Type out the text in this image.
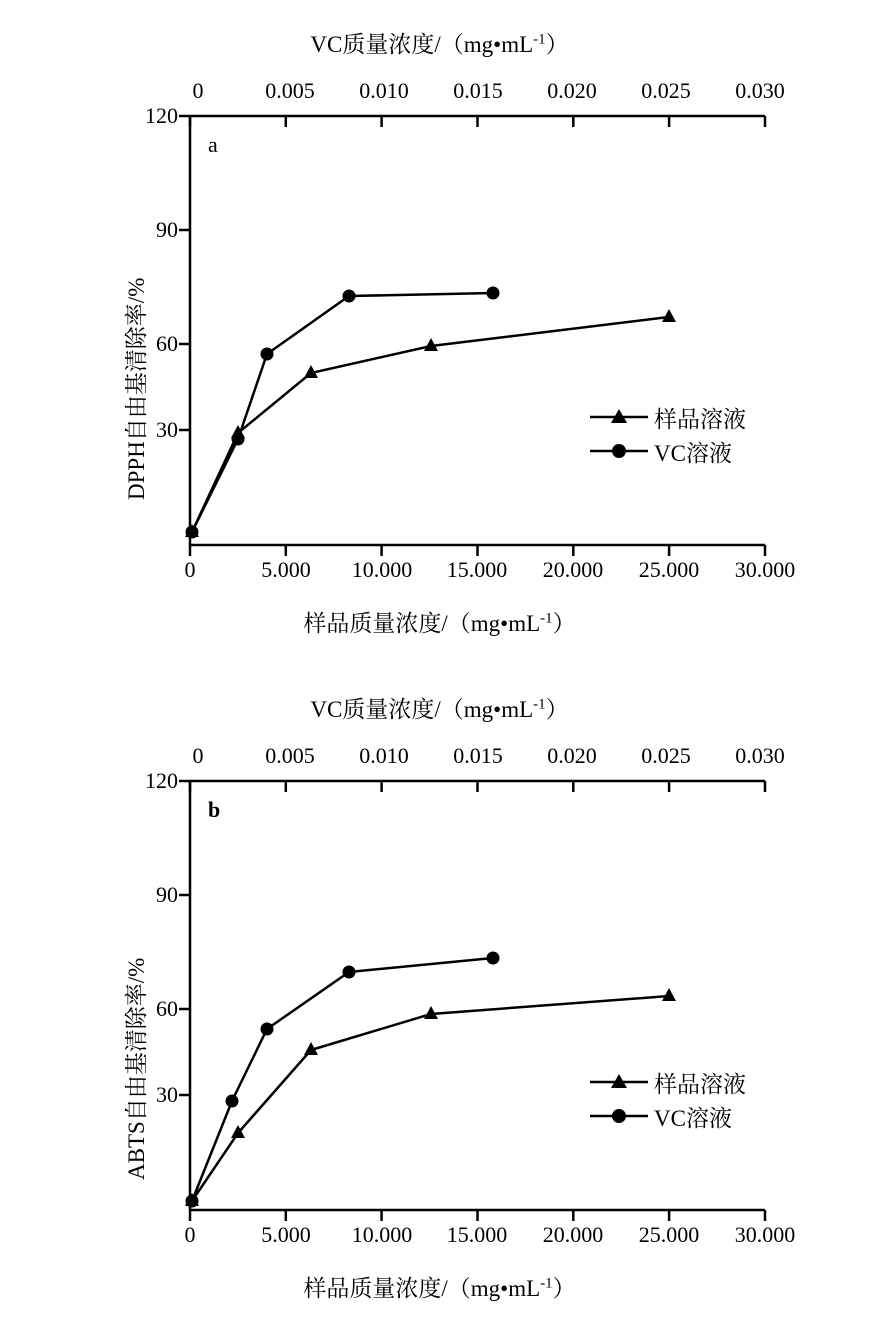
VC质量浓度$/(mg•mL^{-1})$
0	0.005 0.010 0.015 0.020 0.025 0.030
DPPH自由基清除率/%
120
90
60
30
a
样品溶液
VC溶液
0	5.000 10.000 15.000 20.000 25.000 30.000
样品质量浓度$/(mg•mL^{-1})$
VC质量浓度$/(mg•mL^{-1})$
0	0.005 0.010 0.015 0.020 0.025 0.030
ABTS自由基清除率/%
120
90
60
30
b
样品溶液
VC溶液
0	5.000 10.000 15.000 20.000 25.000 30.000
样品质量浓度$/(mg•mL^{-1})$
